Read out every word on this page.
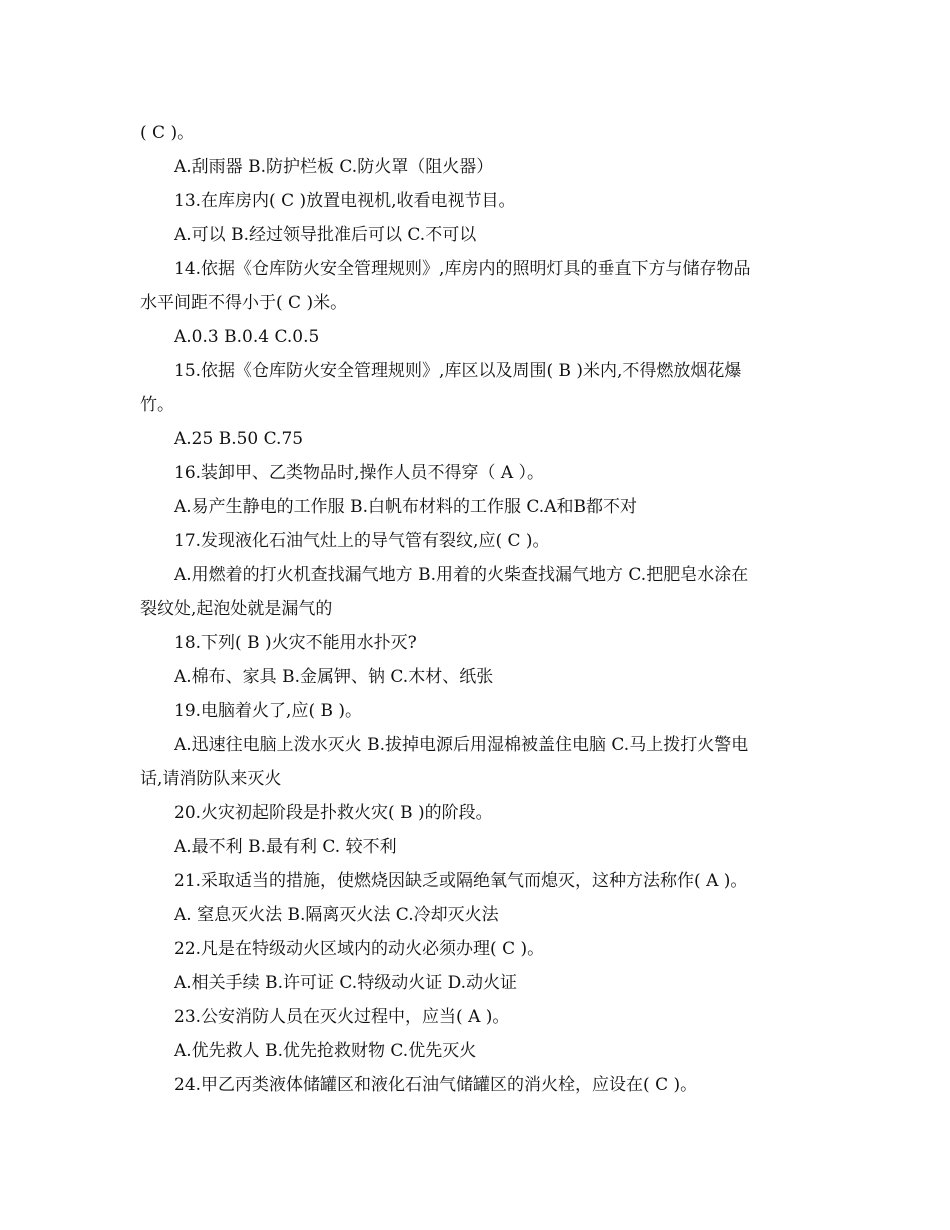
( C )。
A.刮雨器 B.防护栏板 C.防火罩（阻火器）
13.在库房内( C )放置电视机,收看电视节目。
A.可以 B.经过领导批准后可以 C.不可以
14.依据《仓库防火安全管理规则》,库房内的照明灯具的垂直下方与储存物品
水平间距不得小于( C )米。
A.0.3 B.0.4 C.0.5
15.依据《仓库防火安全管理规则》,库区以及周围( B )米内,不得燃放烟花爆
竹。
A.25 B.50 C.75
16.装卸甲、乙类物品时,操作人员不得穿（ A ）。
A.易产生静电的工作服 B.白帆布材料的工作服 C.A和B都不对
17.发现液化石油气灶上的导气管有裂纹,应( C )。
A.用燃着的打火机查找漏气地方 B.用着的火柴查找漏气地方 C.把肥皂水涂在
裂纹处,起泡处就是漏气的
18.下列( B )火灾不能用水扑灭?
A.棉布、家具 B.金属钾、钠 C.木材、纸张
19.电脑着火了,应( B )。
A.迅速往电脑上泼水灭火 B.拔掉电源后用湿棉被盖住电脑 C.马上拨打火警电
话,请消防队来灭火
20.火灾初起阶段是扑救火灾( B )的阶段。
A.最不利 B.最有利 C. 较不利
21.采取适当的措施，使燃烧因缺乏或隔绝氧气而熄灭，这种方法称作( A )。
A. 窒息灭火法 B.隔离灭火法 C.冷却灭火法
22.凡是在特级动火区域内的动火必须办理( C )。
A.相关手续 B.许可证 C.特级动火证 D.动火证
23.公安消防人员在灭火过程中，应当( A )。
A.优先救人 B.优先抢救财物 C.优先灭火
24.甲乙丙类液体储罐区和液化石油气储罐区的消火栓，应设在( C )。
